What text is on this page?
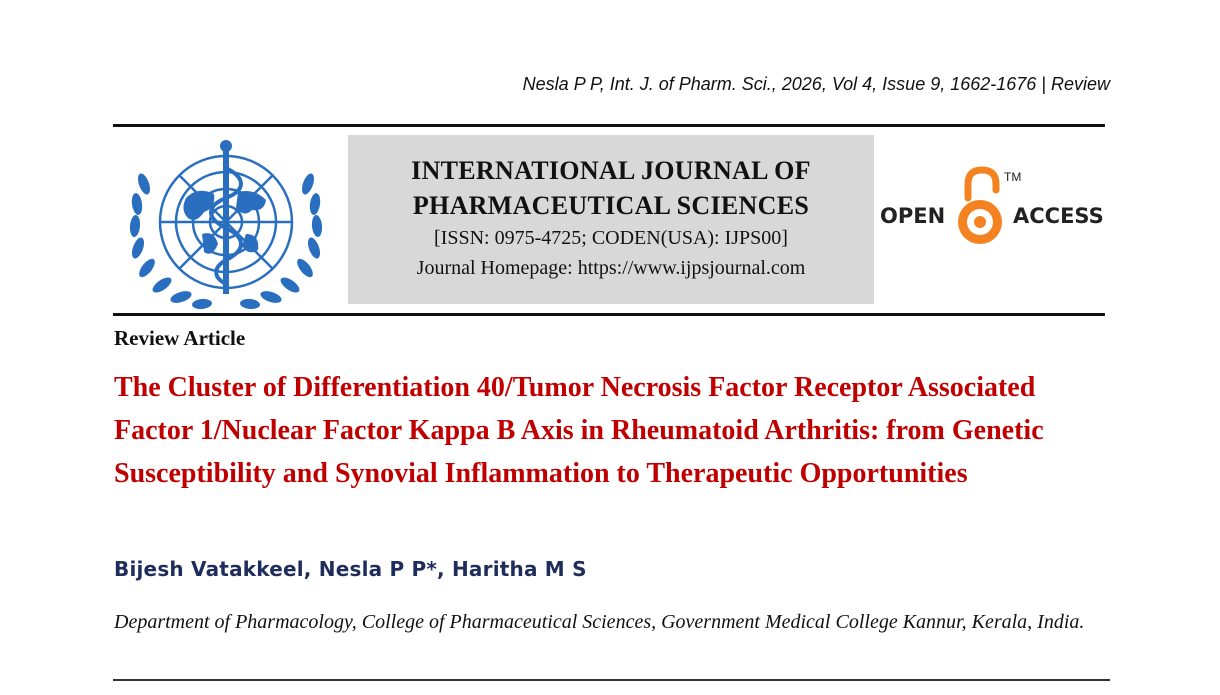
Nesla P P, Int. J. of Pharm. Sci., 2026, Vol 4, Issue 9, 1662-1676 | Review
INTERNATIONAL JOURNAL OF
PHARMACEUTICAL SCIENCES
[ISSN: 0975-4725; CODEN(USA): IJPS00]
Journal Homepage: https://www.ijpsjournal.com
OPEN
TM
ACCESS
Review Article
The Cluster of Differentiation 40/Tumor Necrosis Factor Receptor Associated Factor 1/Nuclear Factor Kappa B Axis in Rheumatoid Arthritis: from Genetic Susceptibility and Synovial Inflammation to Therapeutic Opportunities
Bijesh Vatakkeel, Nesla P P*, Haritha M S
Department of Pharmacology, College of Pharmaceutical Sciences, Government Medical College Kannur, Kerala, India.
